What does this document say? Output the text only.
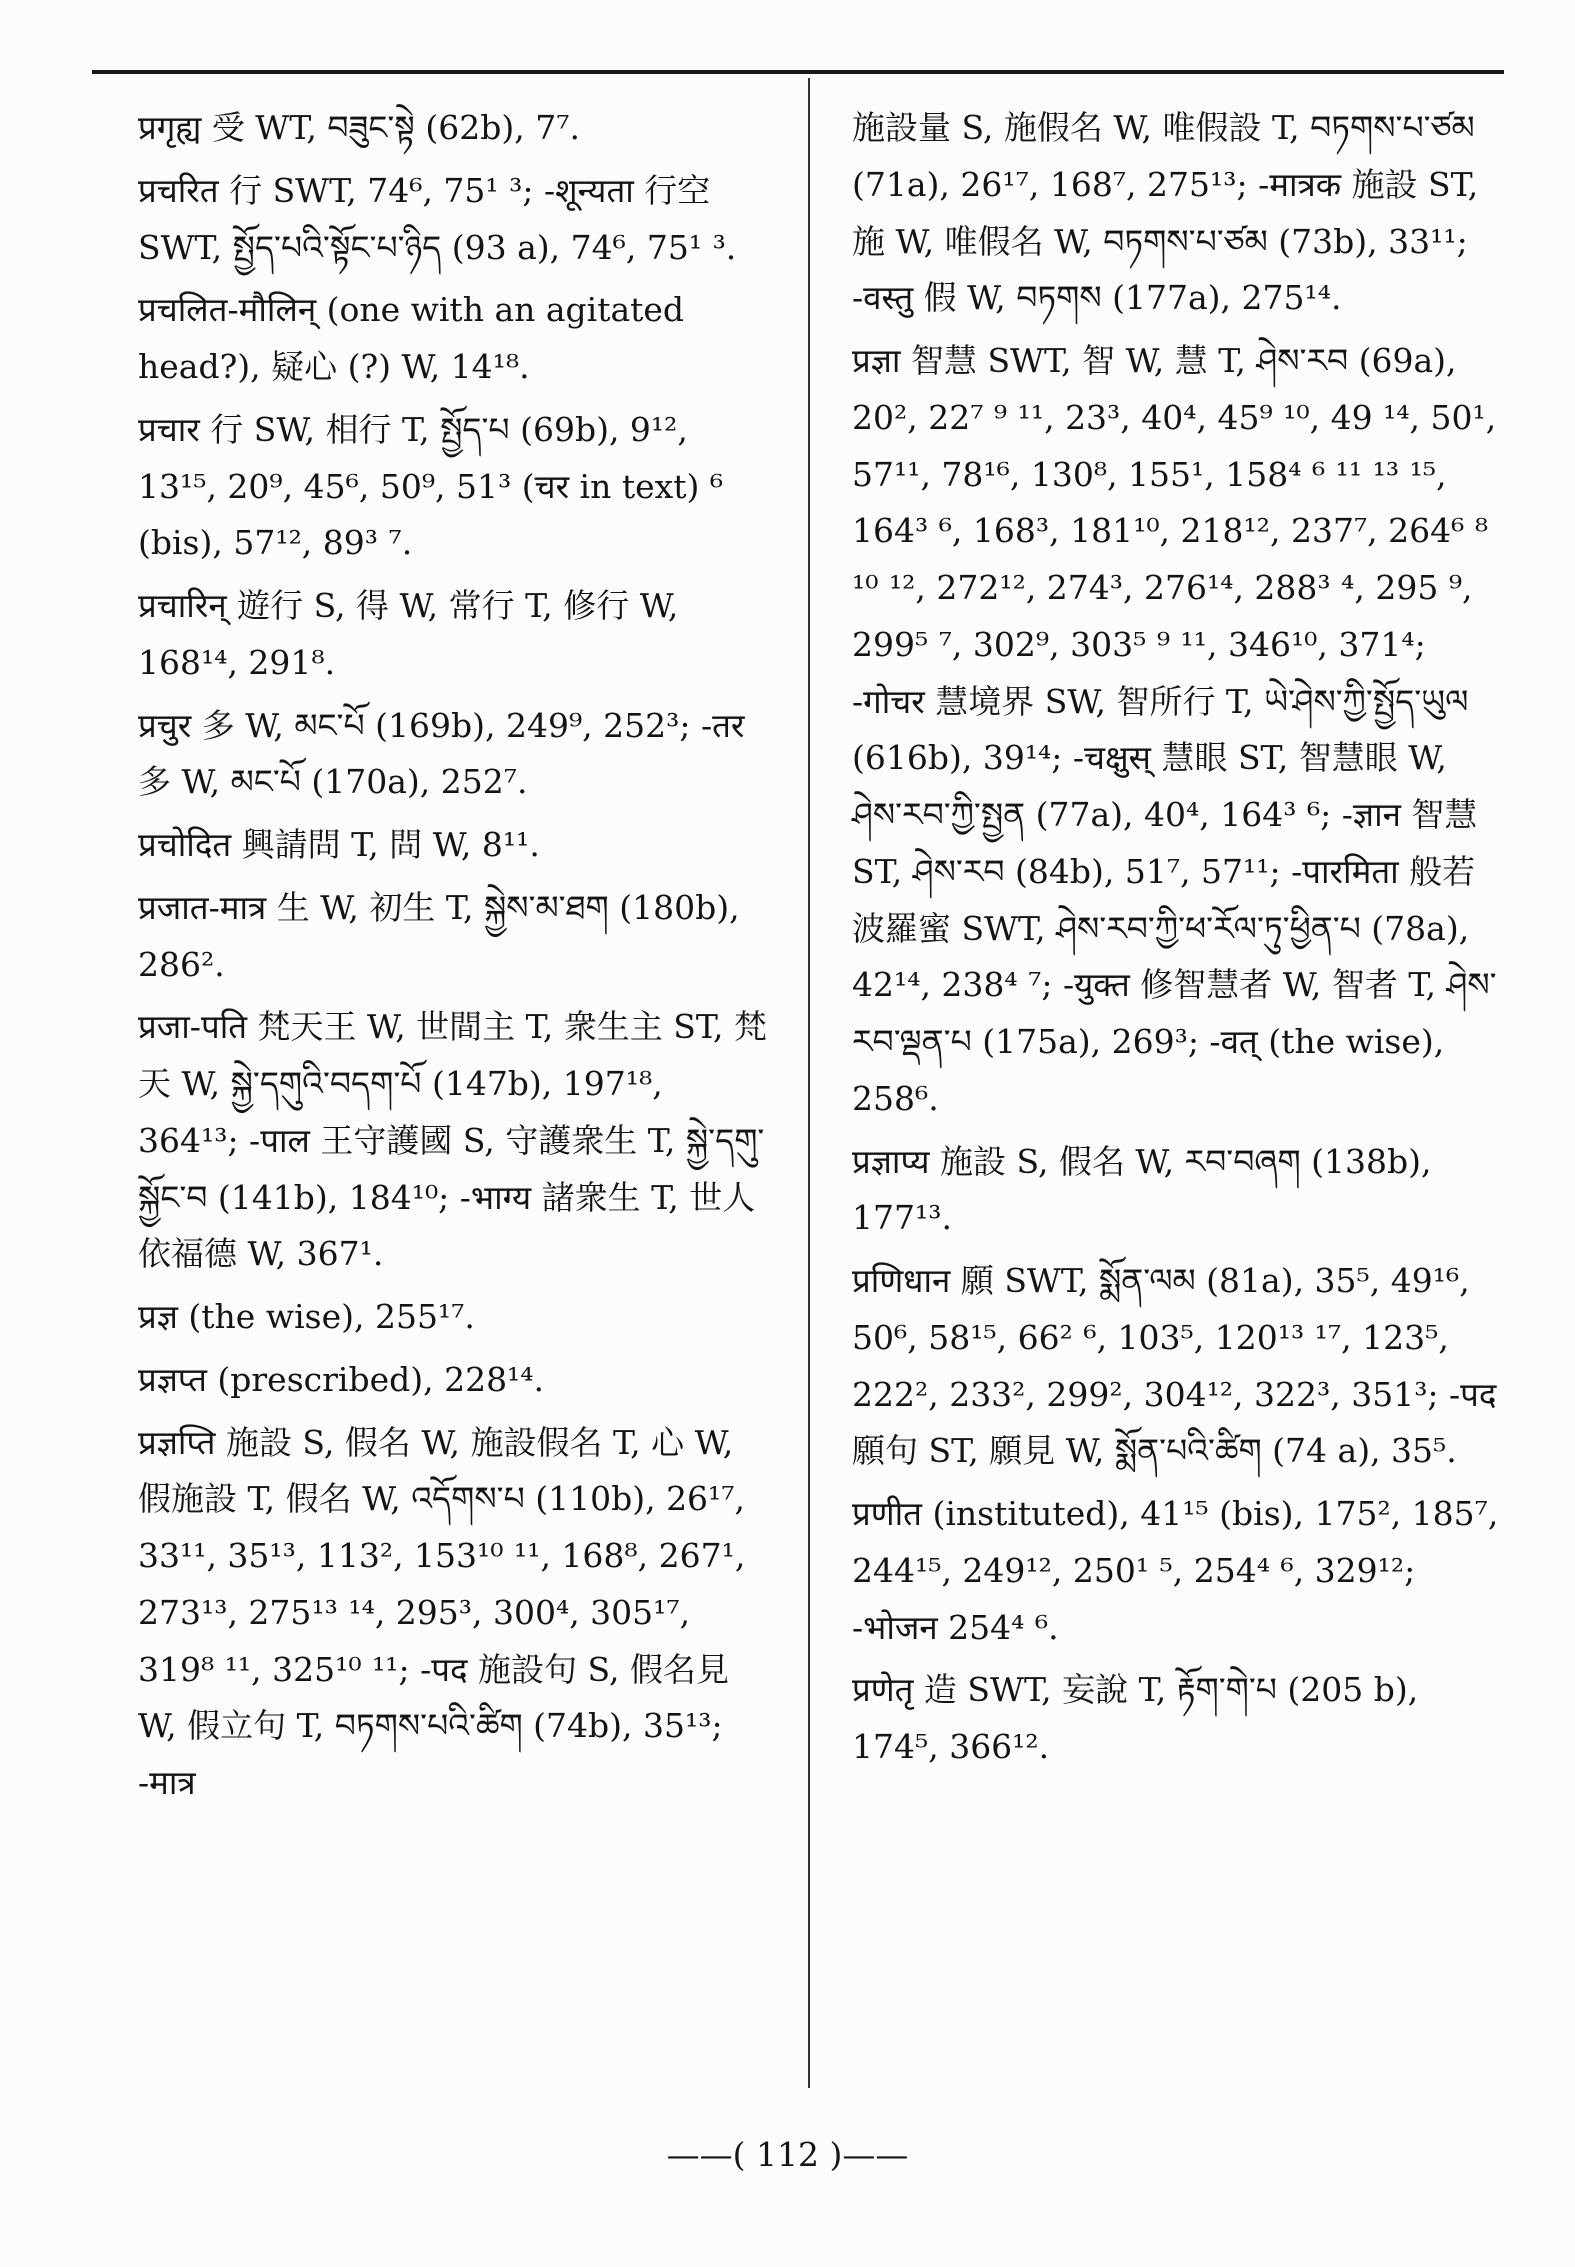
प्रगृह्य 受 WT, བཟུང་སྟེ (62b), 7⁷.
प्रचरित 行 SWT, 74⁶, 75¹ ³; -शून्यता 行空 SWT, སྤྱོད་པའི་སྟོང་པ་ཉིད (93 a), 74⁶, 75¹ ³.
प्रचलित-मौलिन् (one with an agitated head?), 疑心 (?) W, 14¹⁸.
प्रचार 行 SW, 相行 T, སྤྱོད་པ (69b), 9¹², 13¹⁵, 20⁹, 45⁶, 50⁹, 51³ (चर in text) ⁶ (bis), 57¹², 89³ ⁷.
प्रचारिन् 遊行 S, 得 W, 常行 T, 修行 W, 168¹⁴, 291⁸.
प्रचुर 多 W, མང་པོ (169b), 249⁹, 252³; -तर 多 W, མང་པོ (170a), 252⁷.
प्रचोदित 興請問 T, 問 W, 8¹¹.
प्रजात-मात्र 生 W, 初生 T, སྐྱེས་མ་ཐག (180b), 286².
प्रजा-पति 梵天王 W, 世間主 T, 衆生主 ST, 梵天 W, སྐྱེ་དགུའི་བདག་པོ (147b), 197¹⁸, 364¹³; -पाल 王守護國 S, 守護衆生 T, སྐྱེ་དགུ་སྐྱོང་བ (141b), 184¹⁰; -भाग्य 諸衆生 T, 世人依福德 W, 367¹.
प्रज्ञ (the wise), 255¹⁷.
प्रज्ञप्त (prescribed), 228¹⁴.
प्रज्ञप्ति 施設 S, 假名 W, 施設假名 T, 心 W, 假施設 T, 假名 W, འདོགས་པ (110b), 26¹⁷, 33¹¹, 35¹³, 113², 153¹⁰ ¹¹, 168⁸, 267¹, 273¹³, 275¹³ ¹⁴, 295³, 300⁴, 305¹⁷, 319⁸ ¹¹, 325¹⁰ ¹¹; -पद 施設句 S, 假名見 W, 假立句 T, བཏགས་པའི་ཚིག (74b), 35¹³; -मात्र
施設量 S, 施假名 W, 唯假設 T, བཏགས་པ་ཙམ (71a), 26¹⁷, 168⁷, 275¹³; -मात्रक 施設 ST, 施 W, 唯假名 W, བཏགས་པ་ཙམ (73b), 33¹¹; -वस्तु 假 W, བཏགས (177a), 275¹⁴.
प्रज्ञा 智慧 SWT, 智 W, 慧 T, ཤེས་རབ (69a), 20², 22⁷ ⁹ ¹¹, 23³, 40⁴, 45⁹ ¹⁰, 49 ¹⁴, 50¹, 57¹¹, 78¹⁶, 130⁸, 155¹, 158⁴ ⁶ ¹¹ ¹³ ¹⁵, 164³ ⁶, 168³, 181¹⁰, 218¹², 237⁷, 264⁶ ⁸ ¹⁰ ¹², 272¹², 274³, 276¹⁴, 288³ ⁴, 295 ⁹, 299⁵ ⁷, 302⁹, 303⁵ ⁹ ¹¹, 346¹⁰, 371⁴; -गोचर 慧境界 SW, 智所行 T, ཡེ་ཤེས་ཀྱི་སྤྱོད་ཡུལ (616b), 39¹⁴; -चक्षुस् 慧眼 ST, 智慧眼 W, ཤེས་རབ་ཀྱི་སྤྱན (77a), 40⁴, 164³ ⁶; -ज्ञान 智慧 ST, ཤེས་རབ (84b), 51⁷, 57¹¹; -पारमिता 般若波羅蜜 SWT, ཤེས་རབ་ཀྱི་ཕ་རོལ་ཏུ་ཕྱིན་པ (78a), 42¹⁴, 238⁴ ⁷; -युक्त 修智慧者 W, 智者 T, ཤེས་རབ་ལྡན་པ (175a), 269³; -वत् (the wise), 258⁶.
प्रज्ञाप्य 施設 S, 假名 W, རབ་བཞག (138b), 177¹³.
प्रणिधान 願 SWT, སྨོན་ལམ (81a), 35⁵, 49¹⁶, 50⁶, 58¹⁵, 66² ⁶, 103⁵, 120¹³ ¹⁷, 123⁵, 222², 233², 299², 304¹², 322³, 351³; -पद 願句 ST, 願見 W, སྨོན་པའི་ཚིག (74 a), 35⁵.
प्रणीत (instituted), 41¹⁵ (bis), 175², 185⁷, 244¹⁵, 249¹², 250¹ ⁵, 254⁴ ⁶, 329¹²; -भोजन 254⁴ ⁶.
प्रणेतृ 造 SWT, 妄說 T, རྟོག་གེ་པ (205 b), 174⁵, 366¹².
——( 112 )——
